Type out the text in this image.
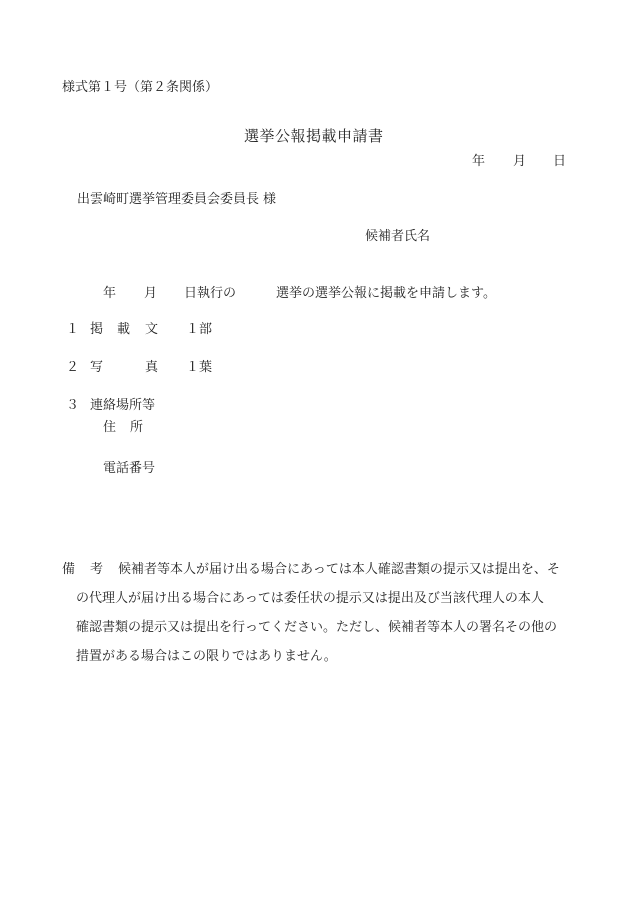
様式第１号（第２条関係）
選挙公報掲載申請書
年 月 日
出雲崎町選挙管理委員会委員長 様
候補者氏名
年 月 日執行の	選挙の選挙公報に掲載を申請します。
１ 掲 載 文 １部
２ 写	真 １葉
３ 連絡場所等
住 所
電話番号
備 考 候補者等本人が届け出る場合にあっては本人確認書類の提示又は提出を、そ
の代理人が届け出る場合にあっては委任状の提示又は提出及び当該代理人の本人
確認書類の提示又は提出を行ってください。ただし、候補者等本人の署名その他の
措置がある場合はこの限りではありません。
